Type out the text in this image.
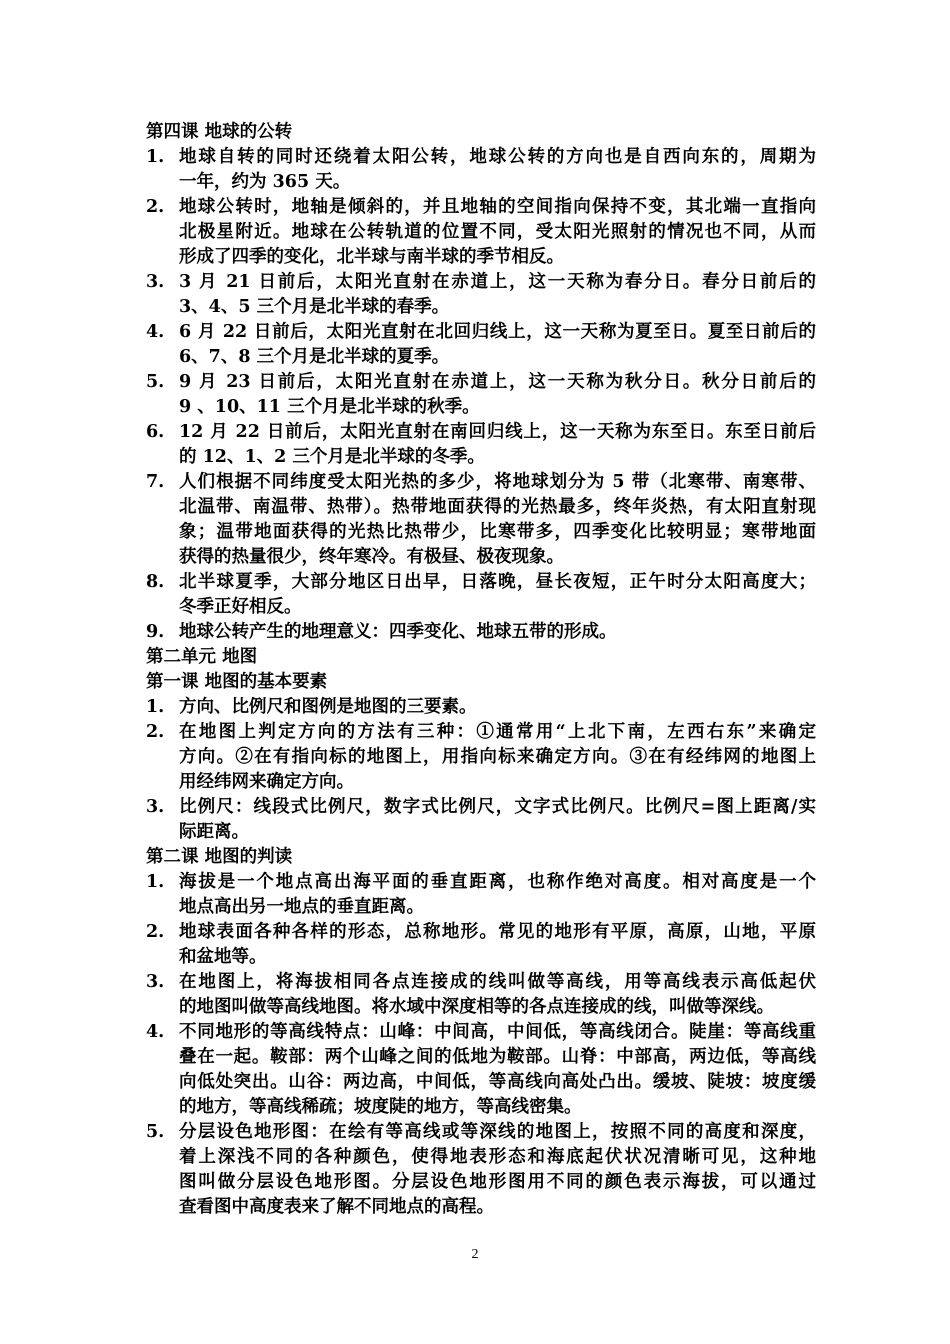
第四课 地球的公转
1. 地球自转的同时还绕着太阳公转，地球公转的方向也是自西向东的，周期为
一年，约为 365 天。
2. 地球公转时，地轴是倾斜的，并且地轴的空间指向保持不变，其北端一直指向
北极星附近。地球在公转轨道的位置不同，受太阳光照射的情况也不同，从而
形成了四季的变化，北半球与南半球的季节相反。
3. 3 月 21 日前后，太阳光直射在赤道上，这一天称为春分日。春分日前后的
3、4、5 三个月是北半球的春季。
4. 6 月 22 日前后，太阳光直射在北回归线上，这一天称为夏至日。夏至日前后的
6、7、8 三个月是北半球的夏季。
5. 9 月 23 日前后，太阳光直射在赤道上，这一天称为秋分日。秋分日前后的
9 、10、11 三个月是北半球的秋季。
6. 12 月 22 日前后，太阳光直射在南回归线上，这一天称为东至日。东至日前后
的 12、1、2 三个月是北半球的冬季。
7. 人们根据不同纬度受太阳光热的多少，将地球划分为 5 带（北寒带、南寒带、
北温带、南温带、热带）。热带地面获得的光热最多，终年炎热，有太阳直射现
象；温带地面获得的光热比热带少，比寒带多，四季变化比较明显；寒带地面
获得的热量很少，终年寒冷。有极昼、极夜现象。
8. 北半球夏季，大部分地区日出早，日落晚，昼长夜短，正午时分太阳高度大；
冬季正好相反。
9. 地球公转产生的地理意义：四季变化、地球五带的形成。
第二单元 地图
第一课 地图的基本要素
1. 方向、比例尺和图例是地图的三要素。
2. 在地图上判定方向的方法有三种：①通常用“上北下南，左西右东”来确定
方向。②在有指向标的地图上，用指向标来确定方向。③在有经纬网的地图上
用经纬网来确定方向。
3. 比例尺：线段式比例尺，数字式比例尺，文字式比例尺。比例尺=图上距离/实
际距离。
第二课 地图的判读
1. 海拔是一个地点高出海平面的垂直距离，也称作绝对高度。相对高度是一个
地点高出另一地点的垂直距离。
2. 地球表面各种各样的形态，总称地形。常见的地形有平原，高原，山地，平原
和盆地等。
3. 在地图上，将海拔相同各点连接成的线叫做等高线，用等高线表示高低起伏
的地图叫做等高线地图。将水域中深度相等的各点连接成的线，叫做等深线。
4. 不同地形的等高线特点：山峰：中间高，中间低，等高线闭合。陡崖：等高线重
叠在一起。鞍部：两个山峰之间的低地为鞍部。山脊：中部高，两边低，等高线
向低处突出。山谷：两边高，中间低，等高线向高处凸出。缓坡、陡坡：坡度缓
的地方，等高线稀疏；坡度陡的地方，等高线密集。
5. 分层设色地形图：在绘有等高线或等深线的地图上，按照不同的高度和深度，
着上深浅不同的各种颜色，使得地表形态和海底起伏状况清晰可见，这种地
图叫做分层设色地形图。分层设色地形图用不同的颜色表示海拔，可以通过
查看图中高度表来了解不同地点的高程。
2
